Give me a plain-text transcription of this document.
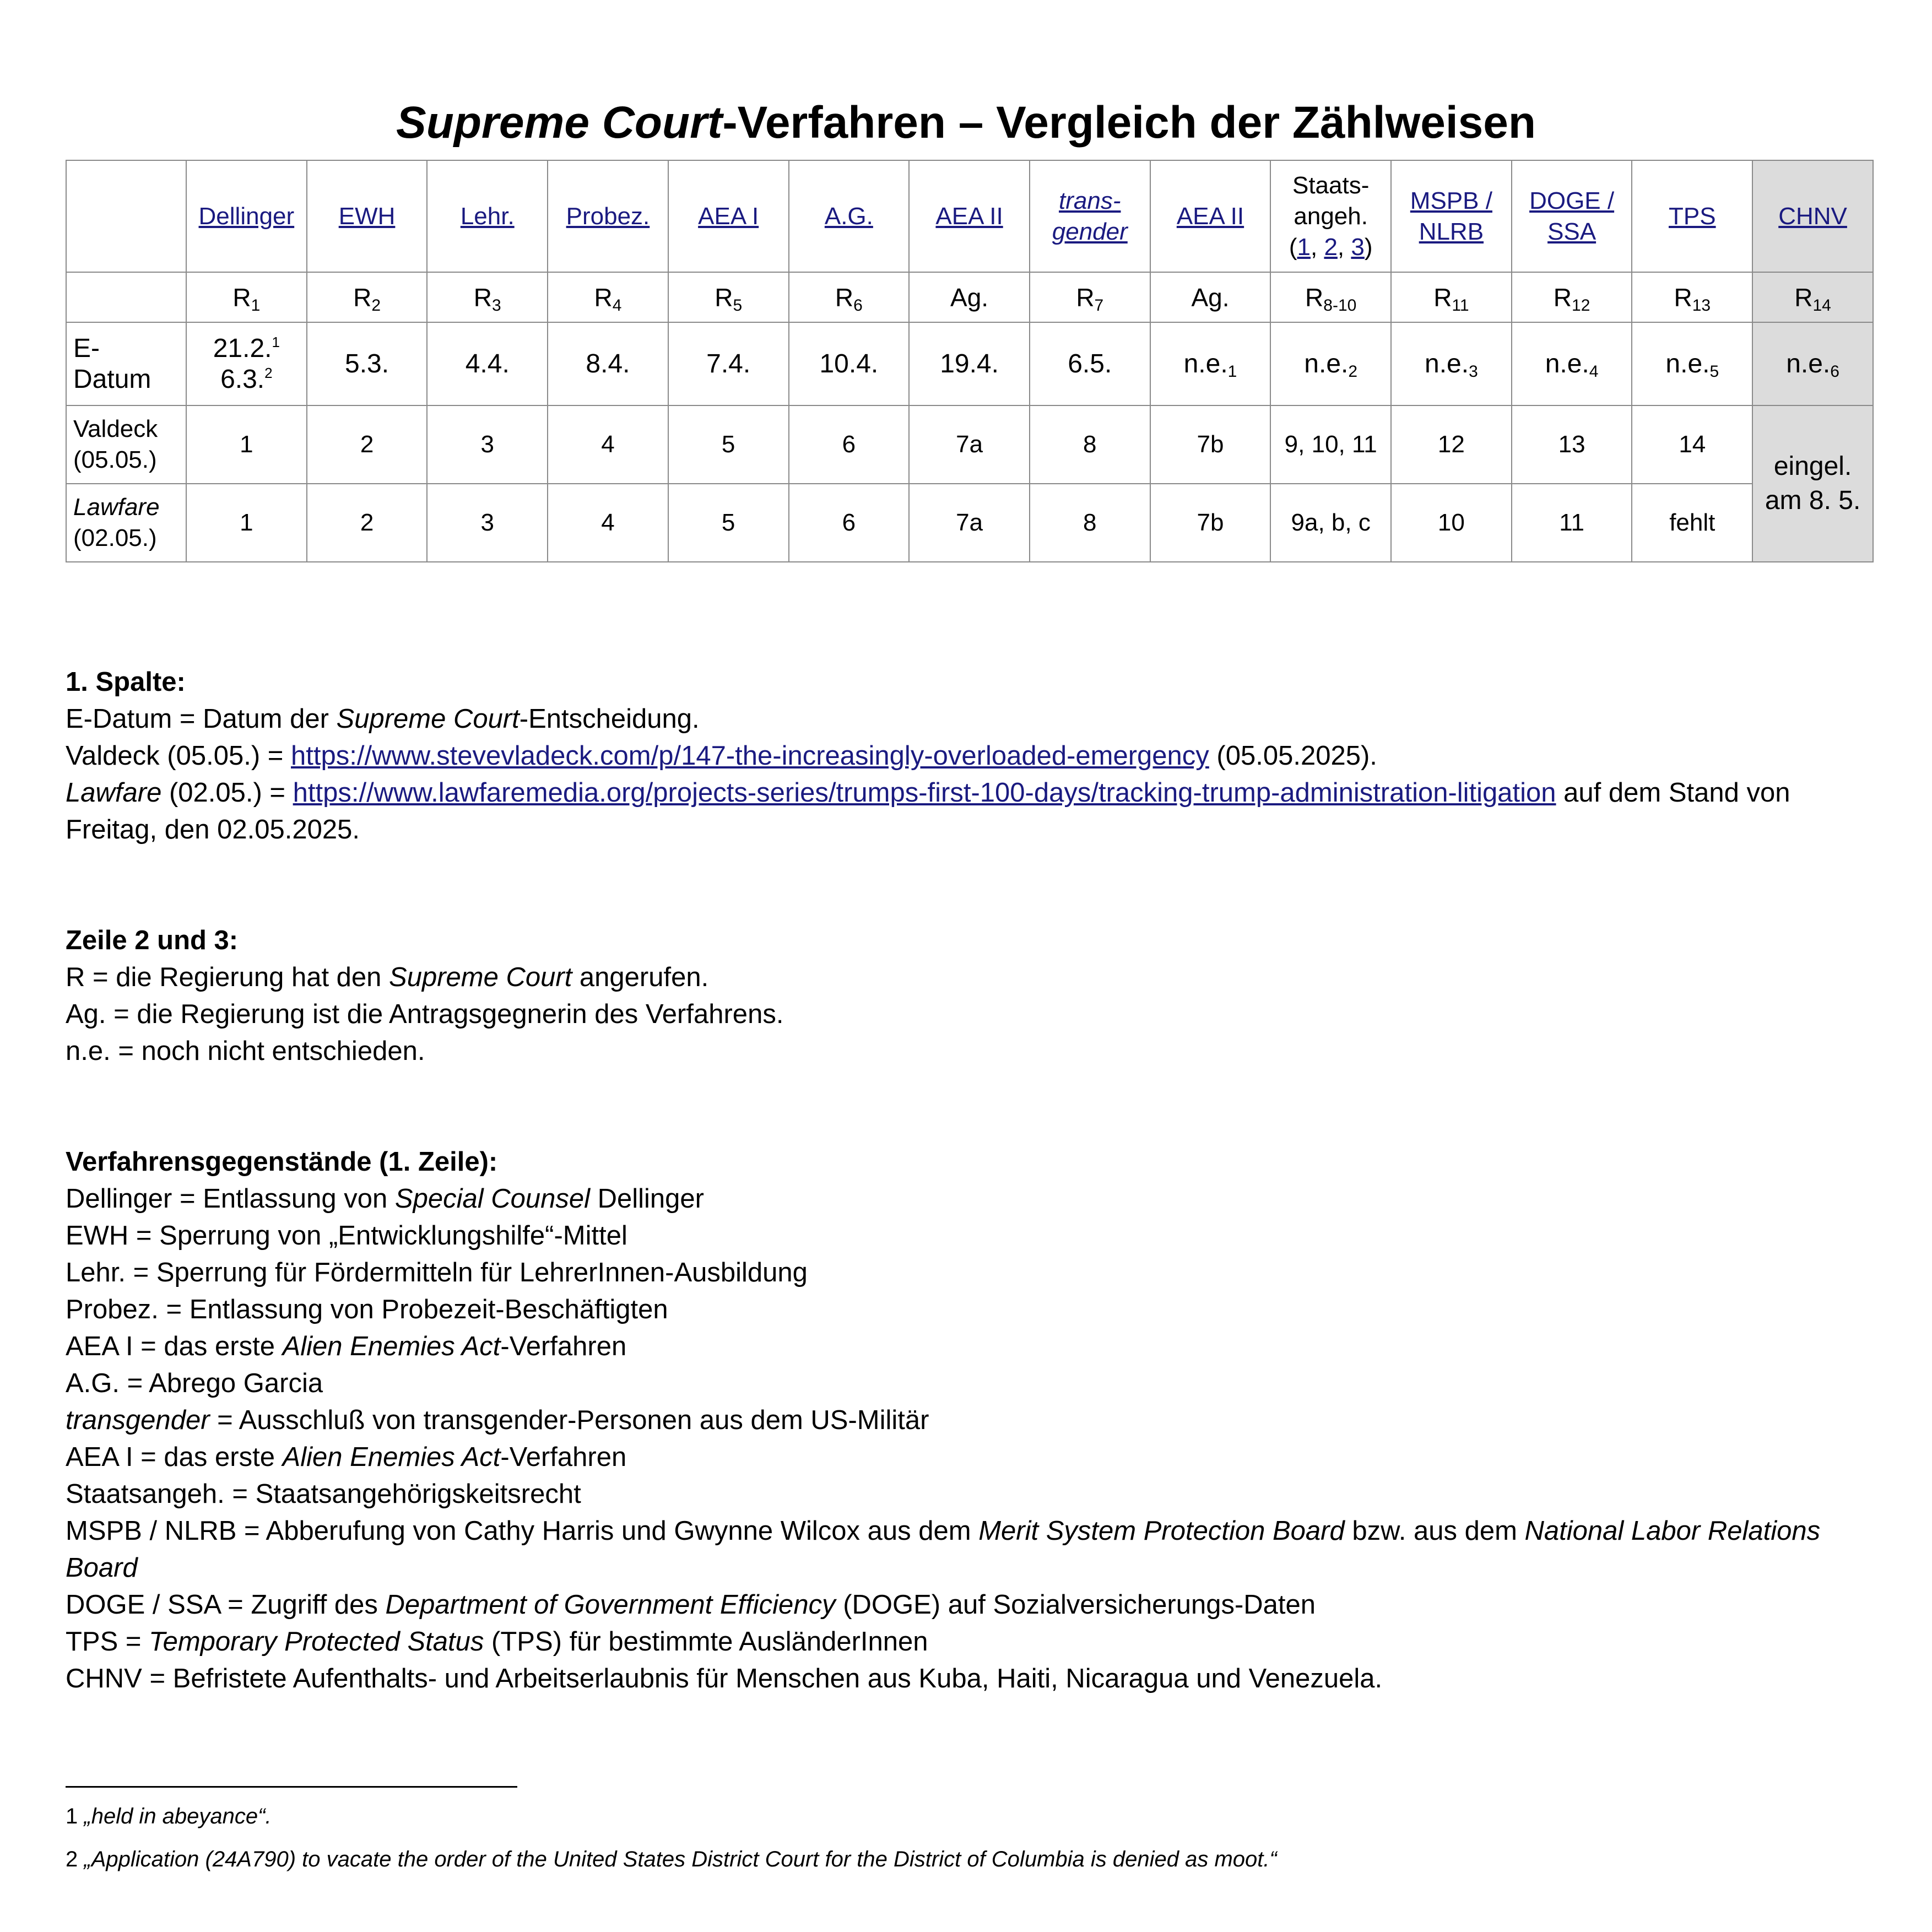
Supreme Court-Verfahren – Vergleich der Zählweisen
	Dellinger	EWH	Lehr.	Probez.	AEA I	A.G.	AEA II	trans-
gender	AEA II	Staats-
angeh.
(1, 2, 3)	MSPB /
NLRB	DOGE /
SSA	TPS	CHNV
	$R_1$	$R_2$	$R_3$	$R_4$	$R_5$	$R_6$	Ag.	$R_7$	Ag.	$R_{8-10}$	$R_{11}$	$R_{12}$	$R_{13}$	$R_{14}$
E-
Datum	21.2.$^1$
6.3.$^2$	5.3.	4.4.	8.4.	7.4.	10.4.	19.4.	6.5.	$n.e._1$	$n.e._2$	$n.e._3$	$n.e._4$	$n.e._5$	$n.e._6$
Valdeck
(05.05.)	1	2	3	4	5	6	7a	8	7b	9, 10, 11	12	13	14	eingel.
am 8. 5.
Lawfare
(02.05.)	1	2	3	4	5	6	7a	8	7b	9a, b, c	10	11	fehlt	
1. Spalte:
E-Datum = Datum der Supreme Court-Entscheidung.
Valdeck (05.05.) = https://www.stevevladeck.com/p/147-the-increasingly-overloaded-emergency (05.05.2025).
Lawfare (02.05.) = https://www.lawfaremedia.org/projects-series/trumps-first-100-days/tracking-trump-administration-litigation auf dem Stand von Freitag, den 02.05.2025.
Zeile 2 und 3:
R = die Regierung hat den Supreme Court angerufen.
Ag. = die Regierung ist die Antragsgegnerin des Verfahrens.
n.e. = noch nicht entschieden.
Verfahrensgegenstände (1. Zeile):
Dellinger = Entlassung von Special Counsel Dellinger
EWH = Sperrung von „Entwicklungshilfe“-Mittel
Lehr. = Sperrung für Fördermitteln für LehrerInnen-Ausbildung
Probez. = Entlassung von Probezeit-Beschäftigten
AEA I = das erste Alien Enemies Act-Verfahren
A.G. = Abrego Garcia
transgender = Ausschluß von transgender-Personen aus dem US-Militär
AEA I = das erste Alien Enemies Act-Verfahren
Staatsangeh. = Staatsangehörigskeitsrecht
MSPB / NLRB = Abberufung von Cathy Harris und Gwynne Wilcox aus dem Merit System Protection Board bzw. aus dem National Labor Relations Board
DOGE / SSA = Zugriff des Department of Government Efficiency (DOGE) auf Sozialversicherungs-Daten
TPS = Temporary Protected Status (TPS) für bestimmte AusländerInnen
CHNV = Befristete Aufenthalts- und Arbeitserlaubnis für Menschen aus Kuba, Haiti, Nicaragua und Venezuela.
1 „held in abeyance“.
2 „Application (24A790) to vacate the order of the United States District Court for the District of Columbia is denied as moot.“
